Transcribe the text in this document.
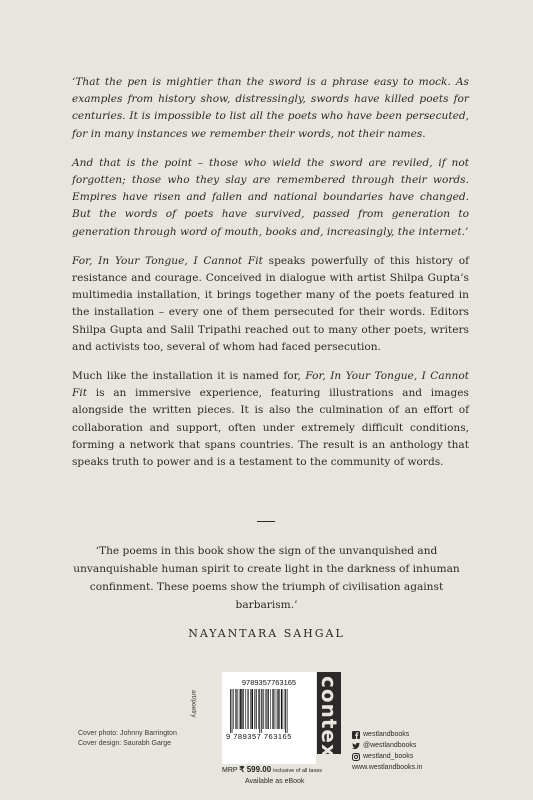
‘That the pen is mightier than the sword is a phrase easy to mock. As examples from history show, distressingly, swords have killed poets for centuries. It is impossible to list all the poets who have been persecuted, for in many instances we remember their words, not their names.

And that is the point – those who wield the sword are reviled, if not forgotten; those who they slay are remembered through their words. Empires have risen and fallen and national boundaries have changed. But the words of poets have survived, passed from generation to generation through word of mouth, books and, increasingly, the internet.’

For, In Your Tongue, I Cannot Fit speaks powerfully of this history of resistance and courage. Conceived in dialogue with artist Shilpa Gupta’s multimedia installation, it brings together many of the poets featured in the installation – every one of them persecuted for their words. Editors Shilpa Gupta and Salil Tripathi reached out to many other poets, writers and activists too, several of whom had faced persecution.

Much like the installation it is named for, For, In Your Tongue, I Cannot Fit is an immersive experience, featuring illustrations and images alongside the written pieces. It is also the culmination of an effort of collaboration and support, often under extremely difficult conditions, forming a network that spans countries. The result is an anthology that speaks truth to power and is a testament to the community of words.

‘The poems in this book show the sign of the unvanquished and unvanquishable human spirit to create light in the darkness of inhuman confinment. These poems show the triumph of civilisation against barbarism.’
NAYANTARA SAHGAL
Cover photo: Johnny Barrington
Cover design: Saurabh Garge
art/poetry
9789357763165
9 789357 763165
MRP ₹ 599.00 inclusive of all taxes
Available as eBook
context	westlandbooks
@westlandbooks
westland_books
www.westlandbooks.in
